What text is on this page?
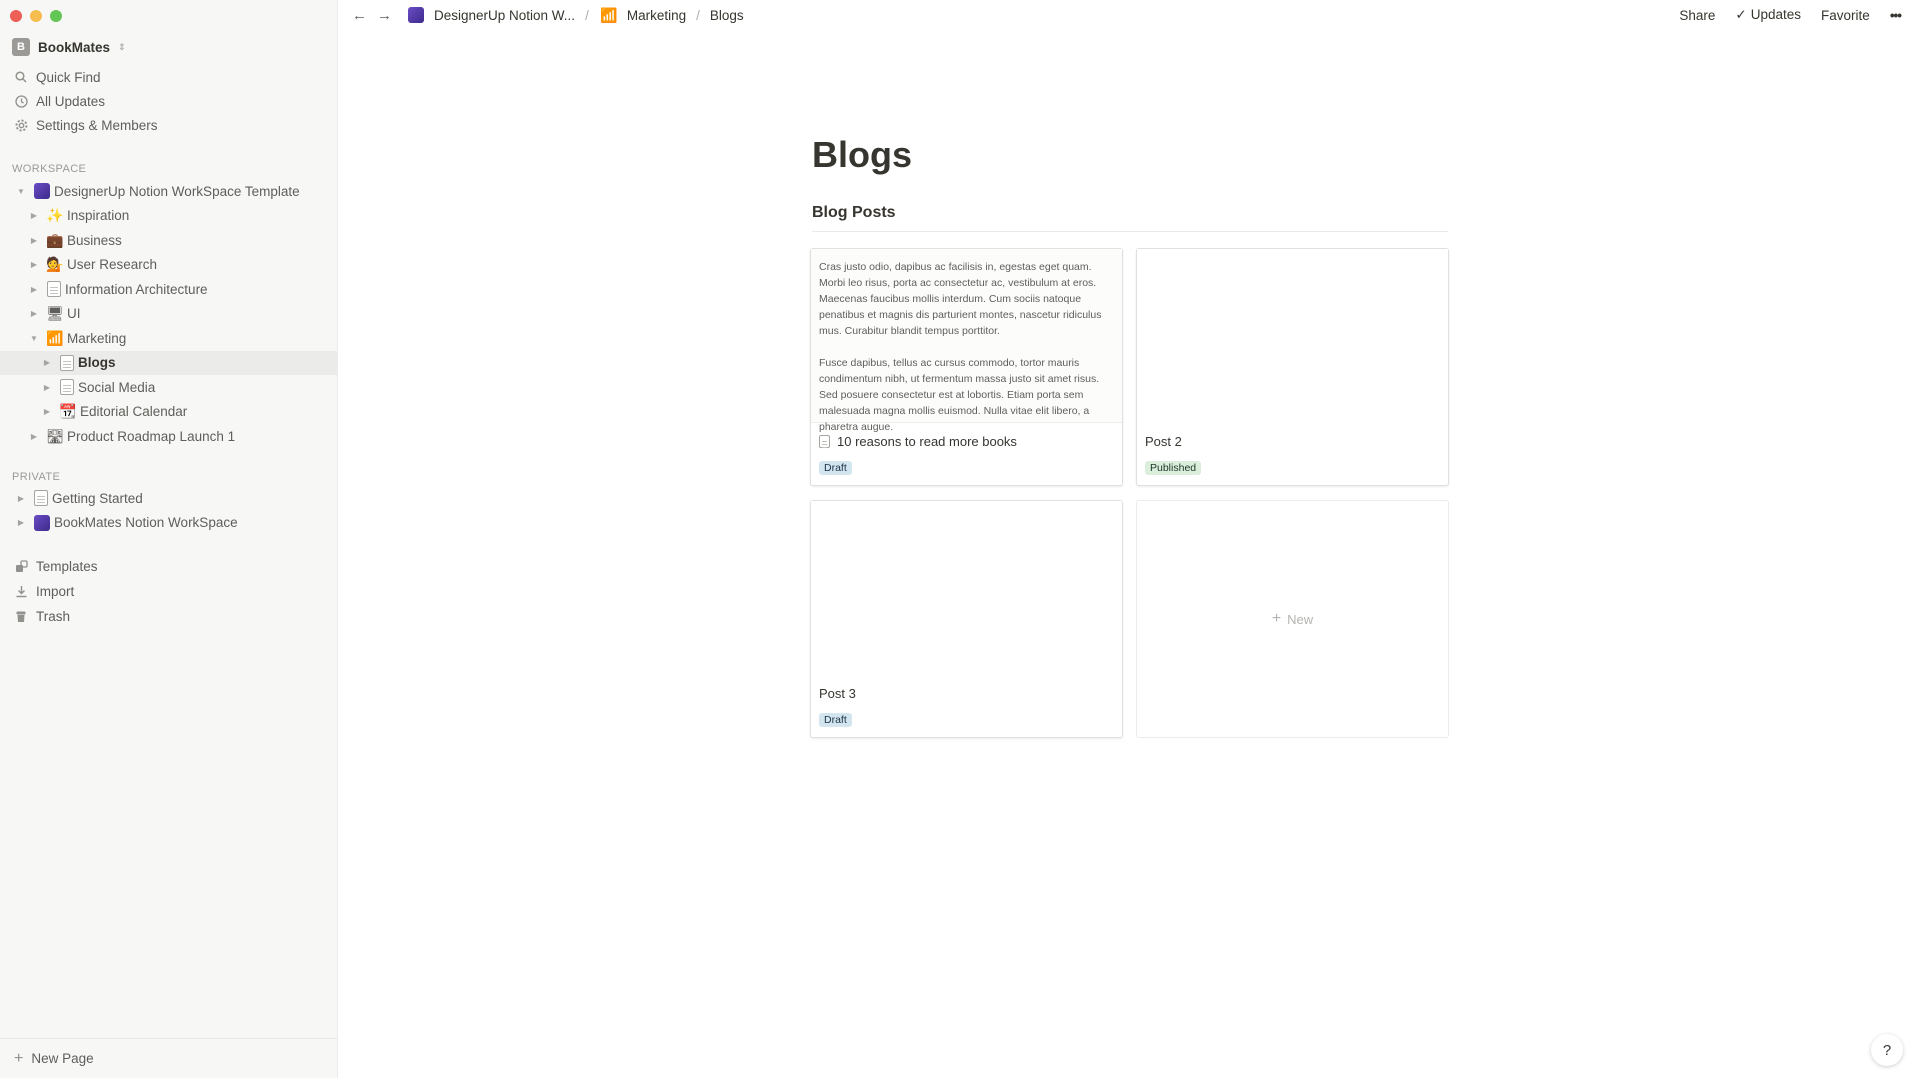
B BookMates ⇕
Quick Find
All Updates
Settings & Members
WORKSPACE
▼ DesignerUp Notion WorkSpace Template
▶ ✨ Inspiration
▶ 💼 Business
▶ 💁 User Research
▶ Information Architecture
▶ 🖥 UI
▼ 📶 Marketing
▶ Blogs
▶ Social Media
▶ 📆 Editorial Calendar
▶ 🛣 Product Roadmap Launch 1
PRIVATE
▶ Getting Started
▶ BookMates Notion WorkSpace
Templates
Import
Trash
+ New Page
← →	DesignerUp Notion W... / 📶 Marketing / Blogs	Share ✓ Updates Favorite •••
Blogs
Blog Posts

Cras justo odio, dapibus ac facilisis in, egestas eget quam. Morbi leo risus, porta ac consectetur ac, vestibulum at eros. Maecenas faucibus mollis interdum. Cum sociis natoque penatibus et magnis dis parturient montes, nascetur ridiculus mus. Curabitur blandit tempus porttitor.

Fusce dapibus, tellus ac cursus commodo, tortor mauris condimentum nibh, ut fermentum massa justo sit amet risus. Sed posuere consectetur est at lobortis. Etiam porta sem malesuada magna mollis euismod. Nulla vitae elit libero, a pharetra augue.

10 reasons to read more books
Draft
Post 2
Published
Post 3
Draft
+ New
?
